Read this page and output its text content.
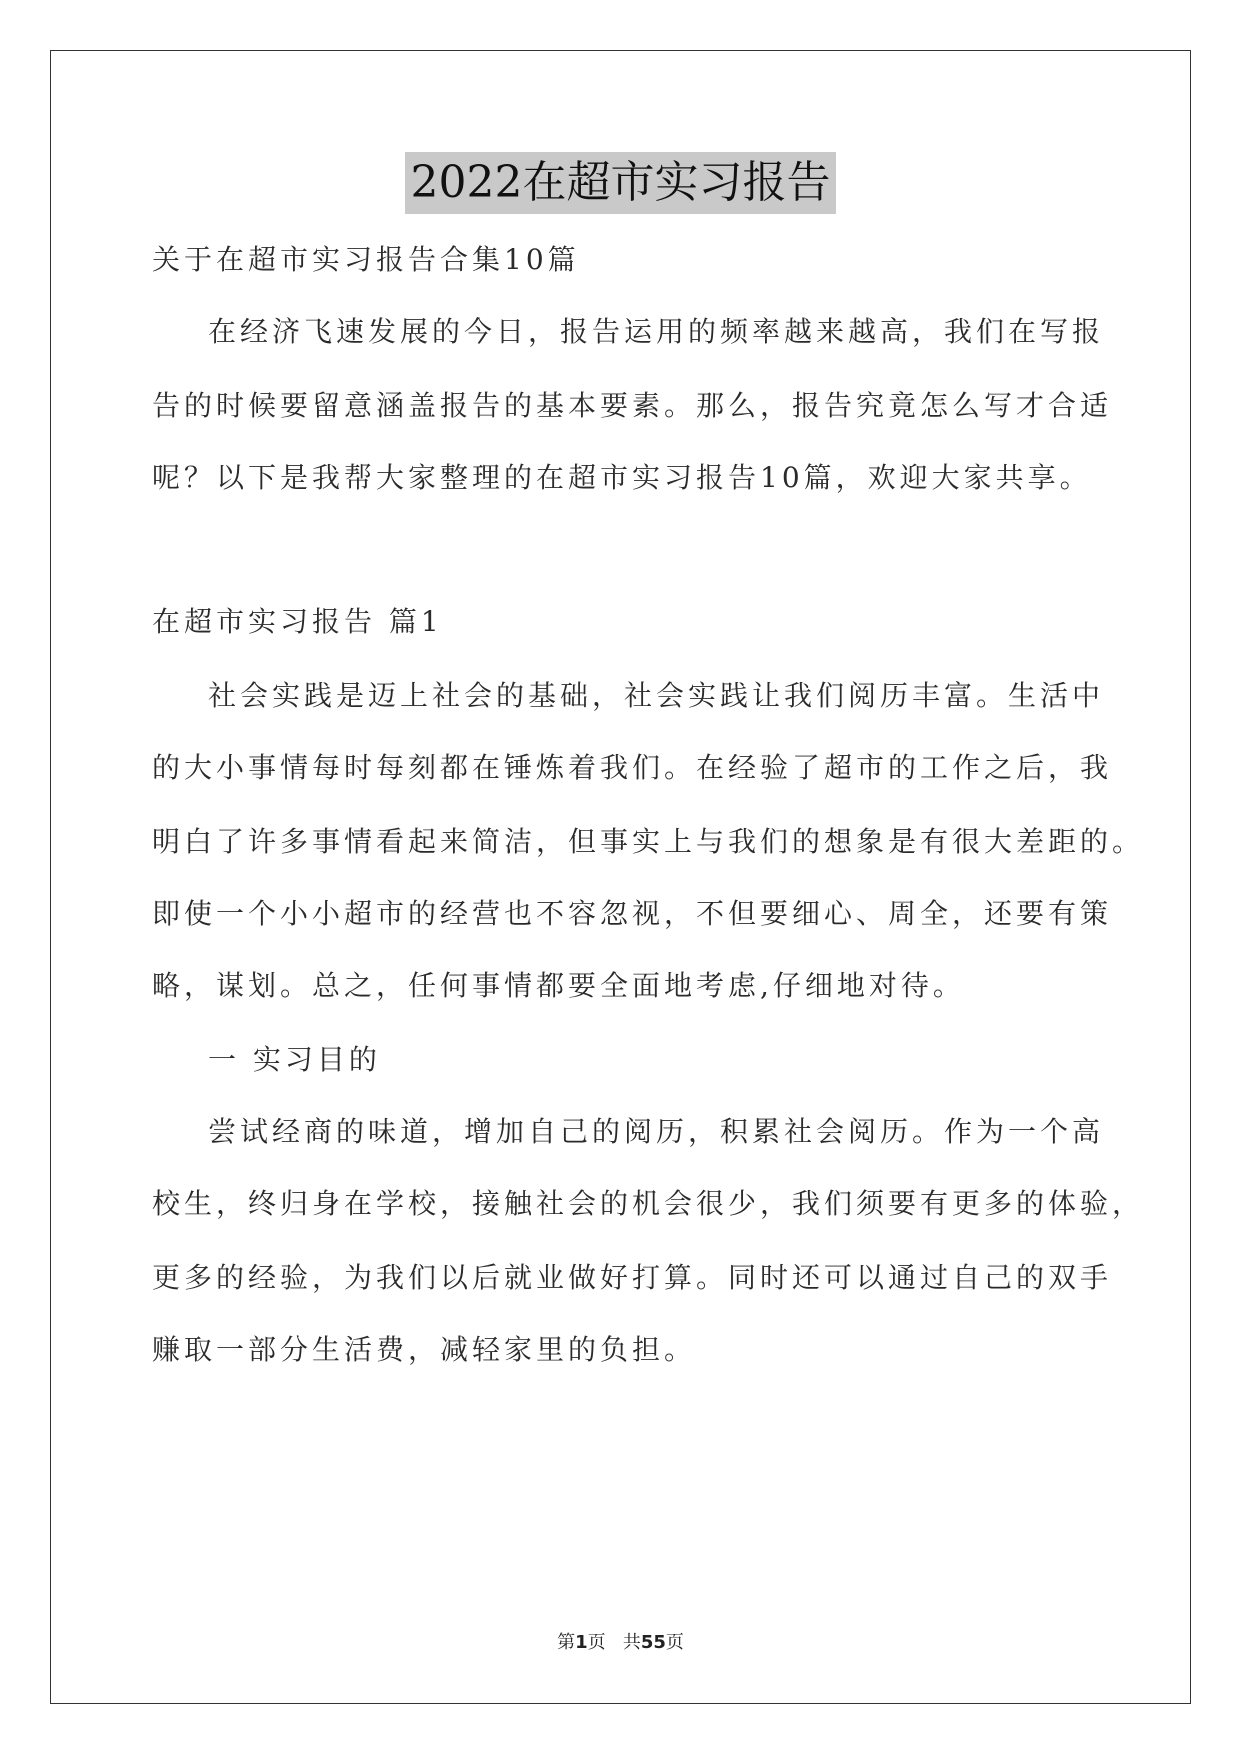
2022在超市实习报告
关于在超市实习报告合集10篇
在经济飞速发展的今日，报告运用的频率越来越高，我们在写报
告的时候要留意涵盖报告的基本要素。那么，报告究竟怎么写才合适
呢？以下是我帮大家整理的在超市实习报告10篇，欢迎大家共享。
在超市实习报告 篇1
社会实践是迈上社会的基础，社会实践让我们阅历丰富。生活中
的大小事情每时每刻都在锤炼着我们。在经验了超市的工作之后，我
明白了许多事情看起来简洁，但事实上与我们的想象是有很大差距的。
即使一个小小超市的经营也不容忽视，不但要细心、周全，还要有策
略，谋划。总之，任何事情都要全面地考虑,仔细地对待。
一 实习目的
尝试经商的味道，增加自己的阅历，积累社会阅历。作为一个高
校生，终归身在学校，接触社会的机会很少，我们须要有更多的体验，
更多的经验，为我们以后就业做好打算。同时还可以通过自己的双手
赚取一部分生活费，减轻家里的负担。
第1页 共55页
